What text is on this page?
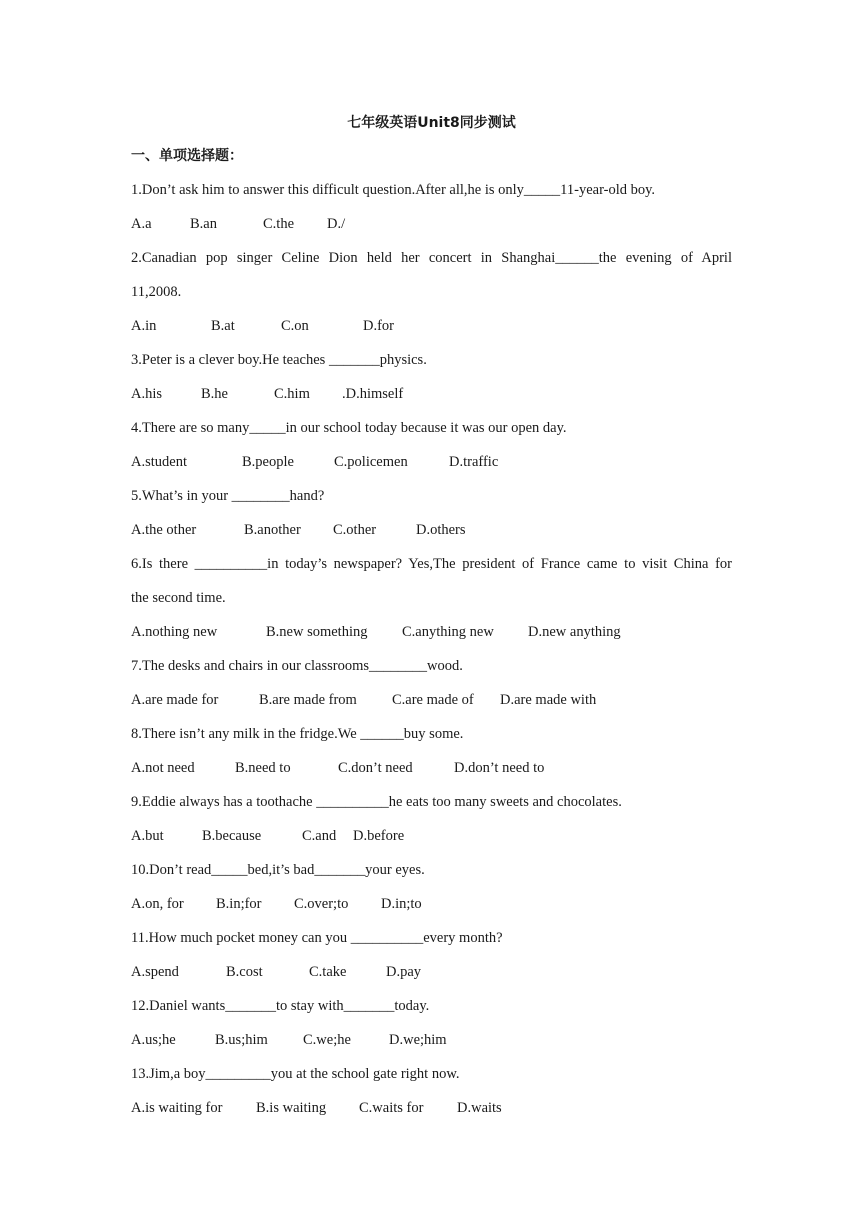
七年级英语Unit8同步测试
一、单项选择题：
1.Don’t ask him to answer this difficult question.After all,he is only_____11-year-old boy.
A.a	B.an	C.the	D./
2.Canadian pop singer Celine Dion held her concert in Shanghai______the evening of April
11,2008.
A.in	B.at	C.on	D.for
3.Peter is a clever boy.He teaches _______physics.
A.his	B.he	C.him	.D.himself
4.There are so many_____in our school today because it was our open day.
A.student	B.people	C.policemen	D.traffic
5.What’s in your ________hand?
A.the other	B.another	C.other	D.others
6.Is there __________in today’s newspaper? Yes,The president of France came to visit China for
the second time.
A.nothing new	B.new something	C.anything new	D.new anything
7.The desks and chairs in our classrooms________wood.
A.are made for	B.are made from	C.are made of	D.are made with
8.There isn’t any milk in the fridge.We ______buy some.
A.not need	B.need to	C.don’t need	D.don’t need to
9.Eddie always has a toothache __________he eats too many sweets and chocolates.
A.but	B.because	C.and	D.before
10.Don’t read_____bed,it’s bad_______your eyes.
A.on, for	B.in;for	C.over;to	D.in;to
11.How much pocket money can you __________every month?
A.spend	B.cost	C.take	D.pay
12.Daniel wants_______to stay with_______today.
A.us;he	B.us;him	C.we;he	D.we;him
13.Jim,a boy_________you at the school gate right now.
A.is waiting for	B.is waiting	C.waits for	D.waits
